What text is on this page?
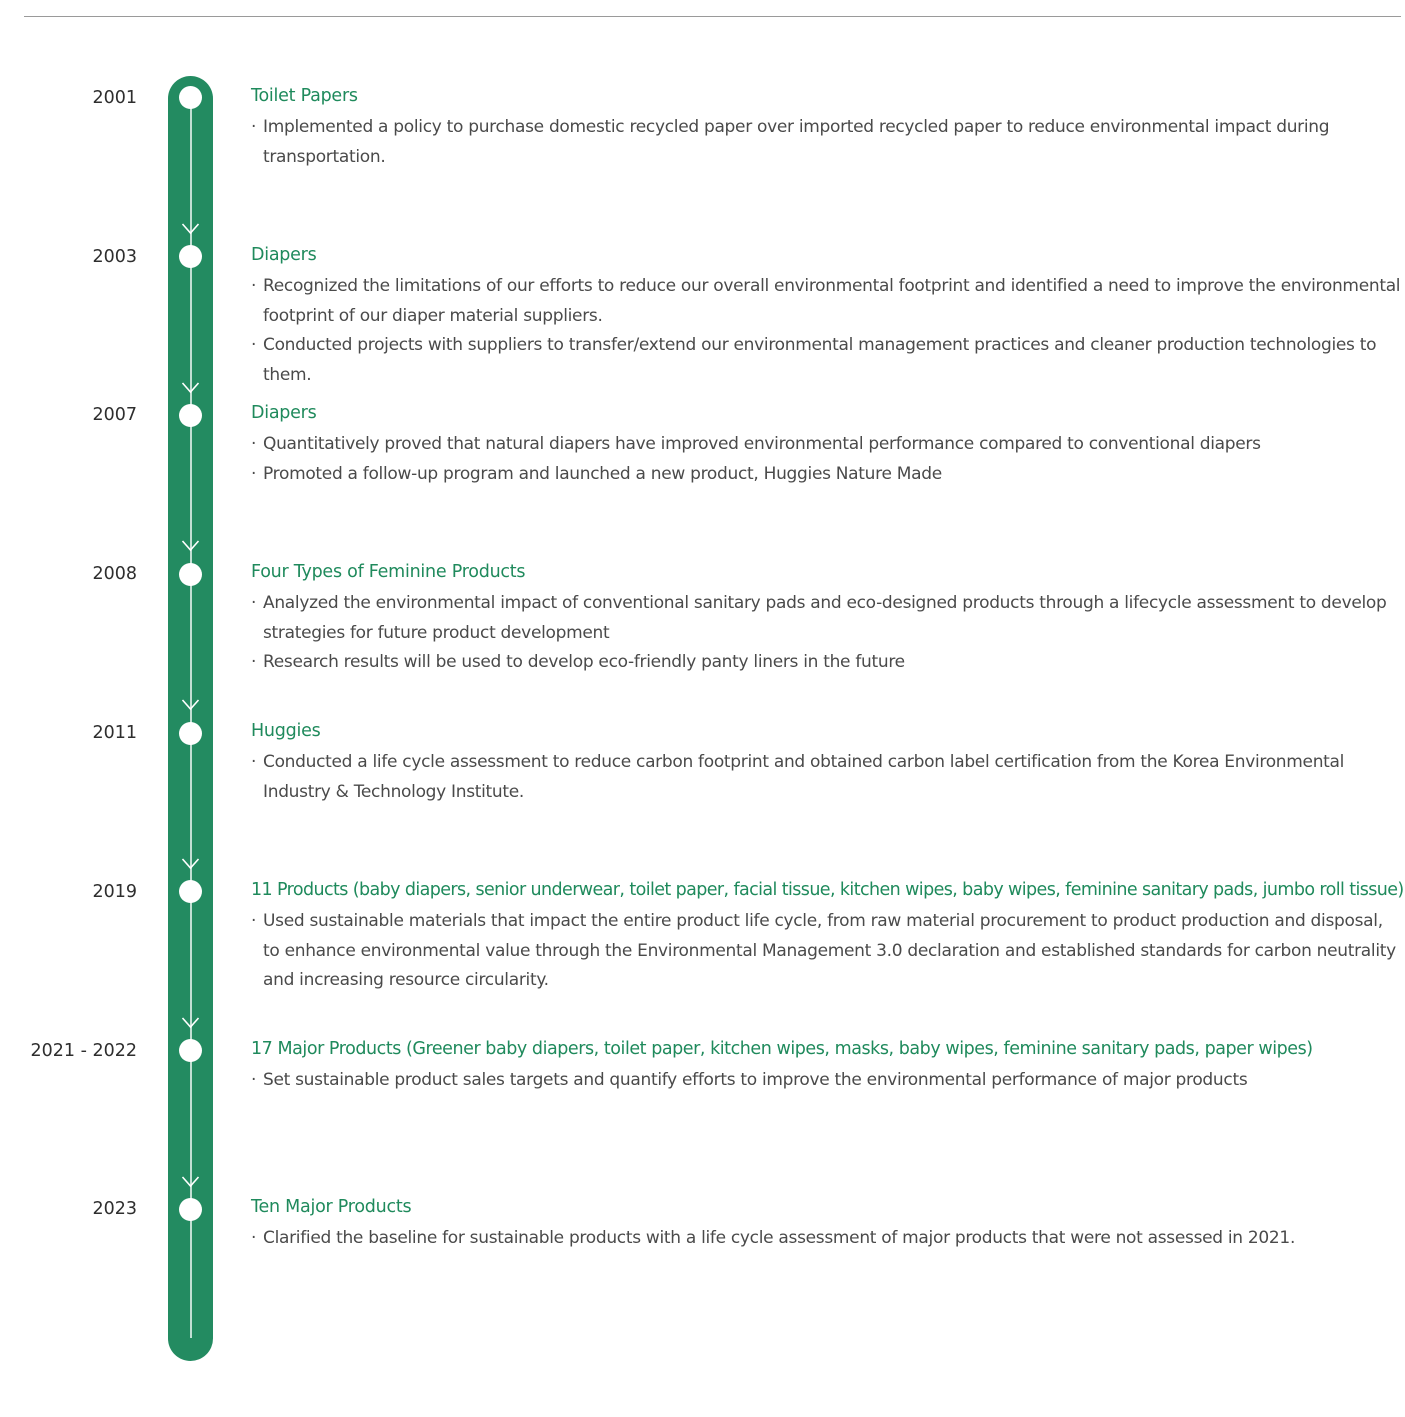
2001
2003
2007
2008
2011
2019
2021 - 2022
2023
Toilet Papers
· Implemented a policy to purchase domestic recycled paper over imported recycled paper to reduce environmental impact during transportation.
Diapers
· Recognized the limitations of our efforts to reduce our overall environmental footprint and identified a need to improve the environmental footprint of our diaper material suppliers.
· Conducted projects with suppliers to transfer/extend our environmental management practices and cleaner production technologies to them.
Diapers
· Quantitatively proved that natural diapers have improved environmental performance compared to conventional diapers
· Promoted a follow-up program and launched a new product, Huggies Nature Made
Four Types of Feminine Products
· Analyzed the environmental impact of conventional sanitary pads and eco-designed products through a lifecycle assessment to develop strategies for future product development
· Research results will be used to develop eco-friendly panty liners in the future
Huggies
· Conducted a life cycle assessment to reduce carbon footprint and obtained carbon label certification from the Korea Environmental Industry & Technology Institute.
11 Products (baby diapers, senior underwear, toilet paper, facial tissue, kitchen wipes, baby wipes, feminine sanitary pads, jumbo roll tissue)
· Used sustainable materials that impact the entire product life cycle, from raw material procurement to product production and disposal, to enhance environmental value through the Environmental Management 3.0 declaration and established standards for carbon neutrality and increasing resource circularity.
17 Major Products (Greener baby diapers, toilet paper, kitchen wipes, masks, baby wipes, feminine sanitary pads, paper wipes)
· Set sustainable product sales targets and quantify efforts to improve the environmental performance of major products
Ten Major Products
· Clarified the baseline for sustainable products with a life cycle assessment of major products that were not assessed in 2021.
